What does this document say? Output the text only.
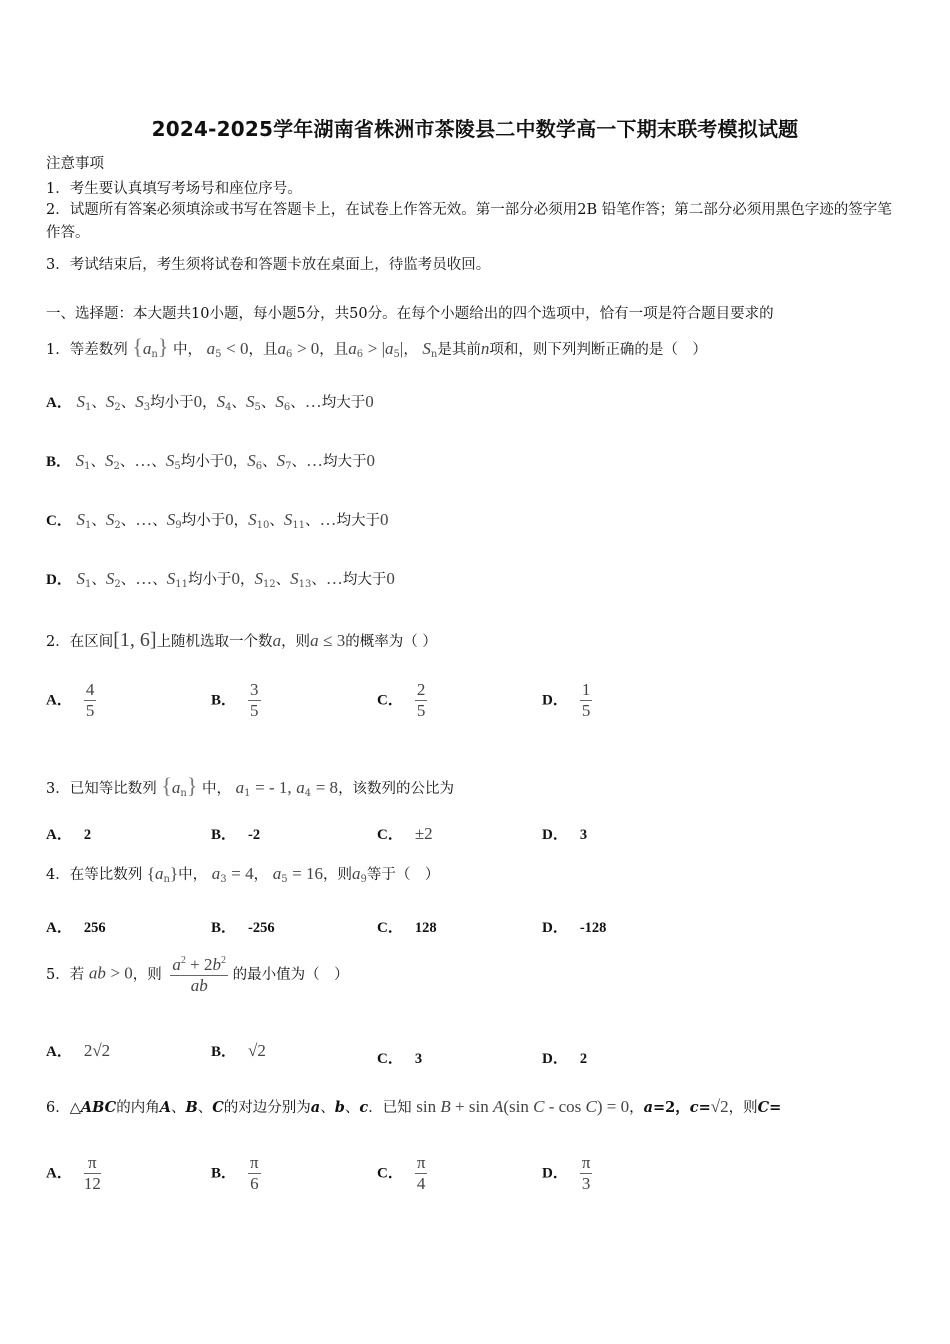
2024-2025学年湖南省株洲市茶陵县二中数学高一下期末联考模拟试题
注意事项
1．考生要认真填写考场号和座位序号。
2．试题所有答案必须填涂或书写在答题卡上，在试卷上作答无效。第一部分必须用2B 铅笔作答；第二部分必须用黑色字迹的签字笔作答。
3．考试结束后，考生须将试卷和答题卡放在桌面上，待监考员收回。
一、选择题：本大题共10小题，每小题5分，共50分。在每个小题给出的四个选项中，恰有一项是符合题目要求的
1．等差数列 $\{a_n\}$ 中， $a_5 < 0$，且$a_6 > 0$，且$a_6 > |a_5|$， $S_n$是其前n项和，则下列判断正确的是（　）
A． $S_1$、$S_2$、$S_3$均小于0，$S_4$、$S_5$、$S_6$、…均大于0
B． $S_1$、$S_2$、…、$S_5$均小于0，$S_6$、$S_7$、…均大于0
C． $S_1$、$S_2$、…、$S_9$均小于0，$S_{10}$、$S_{11}$、…均大于0
D． $S_1$、$S_2$、…、$S_{11}$均小于0，$S_{12}$、$S_{13}$、…均大于0
2．在区间[1, 6]上随机选取一个数a，则a ≤ 3的概率为（ ）
A． $\frac{4}{5}$	B． $\frac{3}{5}$	C． $\frac{2}{5}$	D． $\frac{1}{5}$
3．已知等比数列 $\{a_n\}$ 中， $a_1$ = - 1, $a_4 = 8$，该数列的公比为
A． 2	B． -2	C． ±2	D． 3
4．在等比数列 $\{a_n\}$中， $a_3 = 4$， $a_5 = 16$，则$a_9$等于（　）
A． 256	B． -256	C． 128	D． -128
5．若 ab > 0，则 $\frac{a^2 + 2b^2}{ab}$ 的最小值为（　）
A． 2√2	B． √2	C． 3	D． 2
6．△ABC的内角A、B、C的对边分别为a、b、c．已知 sin B + sin A(sin C - cos C) = 0，a=2，c=√2，则C=
A． $\frac{\pi}{12}$	B． $\frac{\pi}{6}$	C． $\frac{\pi}{4}$	D． $\frac{\pi}{3}$
